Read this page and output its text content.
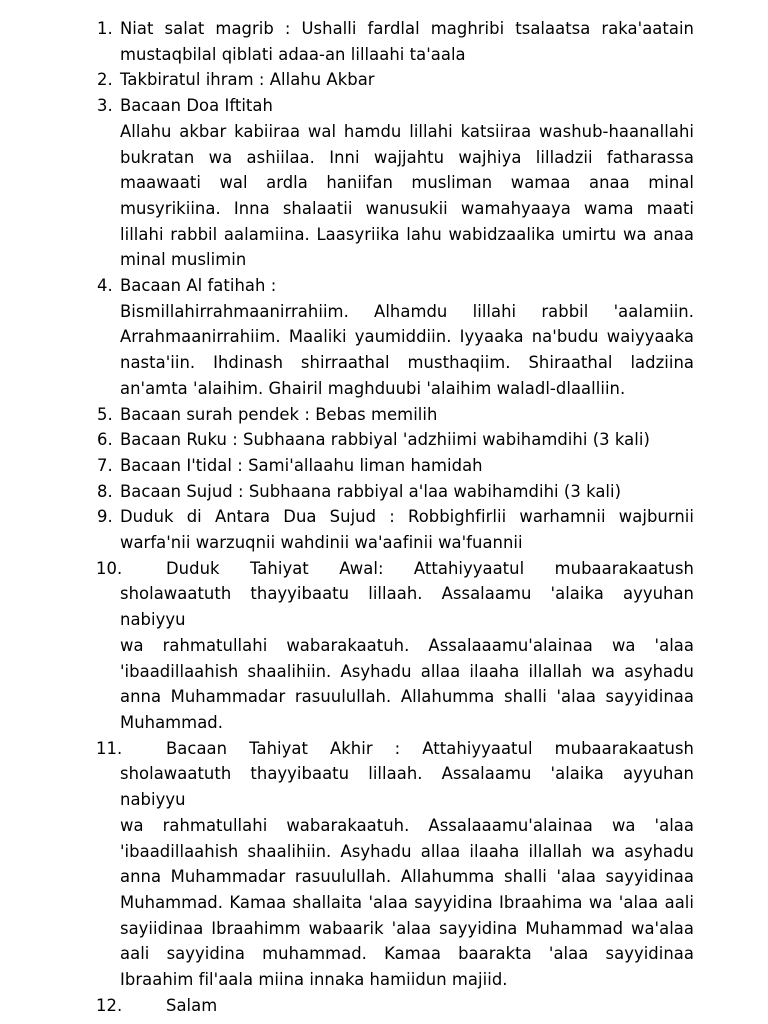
1. Niat salat magrib : Ushalli fardlal maghribi tsalaatsa raka'aatain
mustaqbilal qiblati adaa-an lillaahi ta'aala
2. Takbiratul ihram : Allahu Akbar
3. Bacaan Doa Iftitah
Allahu akbar kabiiraa wal hamdu lillahi katsiiraa washub-haanallahi
bukratan wa ashiilaa. Inni wajjahtu wajhiya lilladzii fatharassa
maawaati wal ardla haniifan musliman wamaa anaa minal
musyrikiina. Inna shalaatii wanusukii wamahyaaya wama maati
lillahi rabbil aalamiina. Laasyriika lahu wabidzaalika umirtu wa anaa
minal muslimin
4. Bacaan Al fatihah :
Bismillahirrahmaanirrahiim. Alhamdu lillahi rabbil 'aalamiin.
Arrahmaanirrahiim. Maaliki yaumiddiin. Iyyaaka na'budu waiyyaaka
nasta'iin. Ihdinash shirraathal musthaqiim. Shiraathal ladziina
an'amta 'alaihim. Ghairil maghduubi 'alaihim waladl-dlaalliin.
5. Bacaan surah pendek : Bebas memilih
6. Bacaan Ruku : Subhaana rabbiyal 'adzhiimi wabihamdihi (3 kali)
7. Bacaan I'tidal : Sami'allaahu liman hamidah
8. Bacaan Sujud : Subhaana rabbiyal a'laa wabihamdihi (3 kali)
9. Duduk di Antara Dua Sujud : Robbighfirlii warhamnii wajburnii
warfa'nii warzuqnii wahdinii wa'aafinii wa'fuannii
10.	Duduk Tahiyat Awal: Attahiyyaatul mubaarakaatush
sholawaatuth thayyibaatu lillaah. Assalaamu 'alaika ayyuhan nabiyyu
wa rahmatullahi wabarakaatuh. Assalaaamu'alainaa wa 'alaa
'ibaadillaahish shaalihiin. Asyhadu allaa ilaaha illallah wa asyhadu
anna Muhammadar rasuulullah. Allahumma shalli 'alaa sayyidinaa
Muhammad.
11.	Bacaan Tahiyat Akhir : Attahiyyaatul mubaarakaatush
sholawaatuth thayyibaatu lillaah. Assalaamu 'alaika ayyuhan nabiyyu
wa rahmatullahi wabarakaatuh. Assalaaamu'alainaa wa 'alaa
'ibaadillaahish shaalihiin. Asyhadu allaa ilaaha illallah wa asyhadu
anna Muhammadar rasuulullah. Allahumma shalli 'alaa sayyidinaa
Muhammad. Kamaa shallaita 'alaa sayyidina Ibraahima wa 'alaa aali
sayiidinaa Ibraahimm wabaarik 'alaa sayyidina Muhammad wa'alaa
aali sayyidina muhammad. Kamaa baarakta 'alaa sayyidinaa
Ibraahim fil'aala miina innaka hamiidun majiid.
12.	Salam
